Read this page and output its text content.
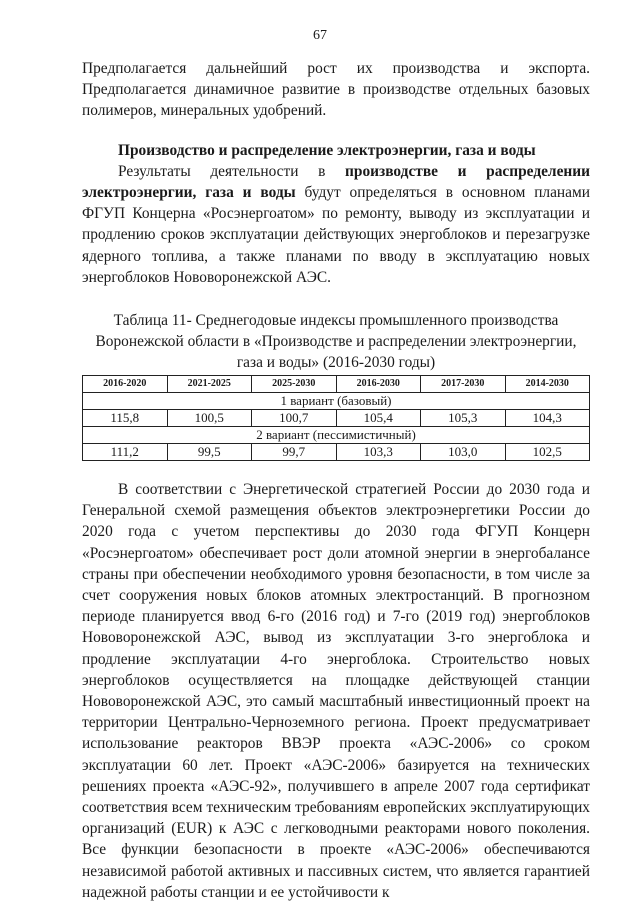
67

Предполагается дальнейший рост их производства и экспорта. Предполагается динамичное развитие в производстве отдельных базовых полимеров, минеральных удобрений.

Производство и распределение электроэнергии, газа и воды

Результаты деятельности в производстве и распределении электроэнергии, газа и воды будут определяться в основном планами ФГУП Концерна «Росэнергоатом» по ремонту, выводу из эксплуатации и продлению сроков эксплуатации действующих энергоблоков и перезагрузке ядерного топлива, а также планами по вводу в эксплуатацию новых энергоблоков Нововоронежской АЭС.

Таблица 11- Среднегодовые индексы промышленного производства
Воронежской области в «Производстве и распределении электроэнергии,
газа и воды» (2016-2030 годы)
2016-2020	2021-2025	2025-2030	2016-2030	2017-2030	2014-2030
1 вариант (базовый)					
115,8	100,5	100,7	105,4	105,3	104,3
2 вариант (пессимистичный)					
111,2	99,5	99,7	103,3	103,0	102,5

В соответствии с Энергетической стратегией России до 2030 года и Генеральной схемой размещения объектов электроэнергетики России до 2020 года с учетом перспективы до 2030 года ФГУП Концерн «Росэнергоатом» обеспечивает рост доли атомной энергии в энергобалансе страны при обеспечении необходимого уровня безопасности, в том числе за счет сооружения новых блоков атомных электростанций. В прогнозном периоде планируется ввод 6-го (2016 год) и 7-го (2019 год) энергоблоков Нововоронежской АЭС, вывод из эксплуатации 3-го энергоблока и продление эксплуатации 4-го энергоблока. Строительство новых энергоблоков осуществляется на площадке действующей станции Нововоронежской АЭС, это самый масштабный инвестиционный проект на территории Центрально-Черноземного региона. Проект предусматривает использование реакторов ВВЭР проекта «АЭС-2006» со сроком эксплуатации 60 лет. Проект «АЭС-2006» базируется на технических решениях проекта «АЭС-92», получившего в апреле 2007 года сертификат соответствия всем техническим требованиям европейских эксплуатирующих организаций (EUR) к АЭС с легководными реакторами нового поколения. Все функции безопасности в проекте «АЭС-2006» обеспечиваются независимой работой активных и пассивных систем, что является гарантией надежной работы станции и ее устойчивости к
